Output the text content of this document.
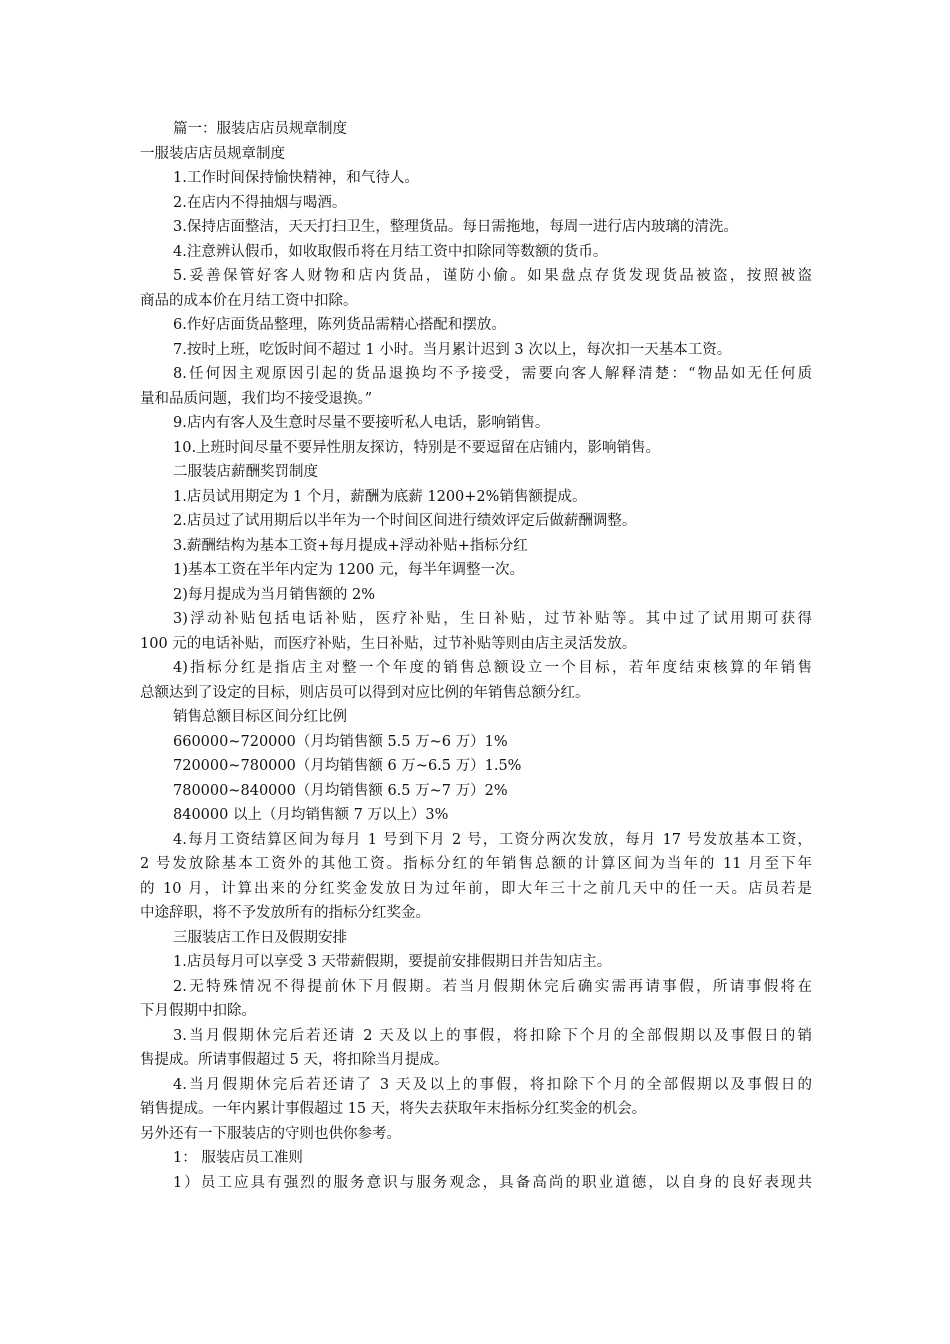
篇一：服装店店员规章制度
一服装店店员规章制度
1.工作时间保持愉快精神，和气待人。
2.在店内不得抽烟与喝酒。
3.保持店面整洁，天天打扫卫生，整理货品。每日需拖地，每周一进行店内玻璃的清洗。
4.注意辨认假币，如收取假币将在月结工资中扣除同等数额的货币。
5.妥善保管好客人财物和店内货品，谨防小偷。如果盘点存货发现货品被盗，按照被盗
商品的成本价在月结工资中扣除。
6.作好店面货品整理，陈列货品需精心搭配和摆放。
7.按时上班，吃饭时间不超过 1 小时。当月累计迟到 3 次以上，每次扣一天基本工资。
8.任何因主观原因引起的货品退换均不予接受，需要向客人解释清楚：“物品如无任何质
量和品质问题，我们均不接受退换。”
9.店内有客人及生意时尽量不要接听私人电话，影响销售。
10.上班时间尽量不要异性朋友探访，特别是不要逗留在店铺内，影响销售。
二服装店薪酬奖罚制度
1.店员试用期定为 1 个月，薪酬为底薪 1200+2%销售额提成。
2.店员过了试用期后以半年为一个时间区间进行绩效评定后做薪酬调整。
3.薪酬结构为基本工资+每月提成+浮动补贴+指标分红
1)基本工资在半年内定为 1200 元，每半年调整一次。
2)每月提成为当月销售额的 2%
3)浮动补贴包括电话补贴，医疗补贴，生日补贴，过节补贴等。其中过了试用期可获得
100 元的电话补贴，而医疗补贴，生日补贴，过节补贴等则由店主灵活发放。
4)指标分红是指店主对整一个年度的销售总额设立一个目标，若年度结束核算的年销售
总额达到了设定的目标，则店员可以得到对应比例的年销售总额分红。
销售总额目标区间分红比例
660000~720000（月均销售额 5.5 万~6 万）1%
720000~780000（月均销售额 6 万~6.5 万）1.5%
780000~840000（月均销售额 6.5 万~7 万）2%
840000 以上（月均销售额 7 万以上）3%
4.每月工资结算区间为每月 1 号到下月 2 号，工资分两次发放，每月 17 号发放基本工资，
2 号发放除基本工资外的其他工资。指标分红的年销售总额的计算区间为当年的 11 月至下年
的 10 月，计算出来的分红奖金发放日为过年前，即大年三十之前几天中的任一天。店员若是
中途辞职，将不予发放所有的指标分红奖金。
三服装店工作日及假期安排
1.店员每月可以享受 3 天带薪假期，要提前安排假期日并告知店主。
2.无特殊情况不得提前休下月假期。若当月假期休完后确实需再请事假，所请事假将在
下月假期中扣除。
3.当月假期休完后若还请 2 天及以上的事假，将扣除下个月的全部假期以及事假日的销
售提成。所请事假超过 5 天，将扣除当月提成。
4.当月假期休完后若还请了 3 天及以上的事假，将扣除下个月的全部假期以及事假日的
销售提成。一年内累计事假超过 15 天，将失去获取年末指标分红奖金的机会。
另外还有一下服装店的守则也供你参考。
1： 服装店员工准则
1）员工应具有强烈的服务意识与服务观念，具备高尚的职业道德，以自身的良好表现共
